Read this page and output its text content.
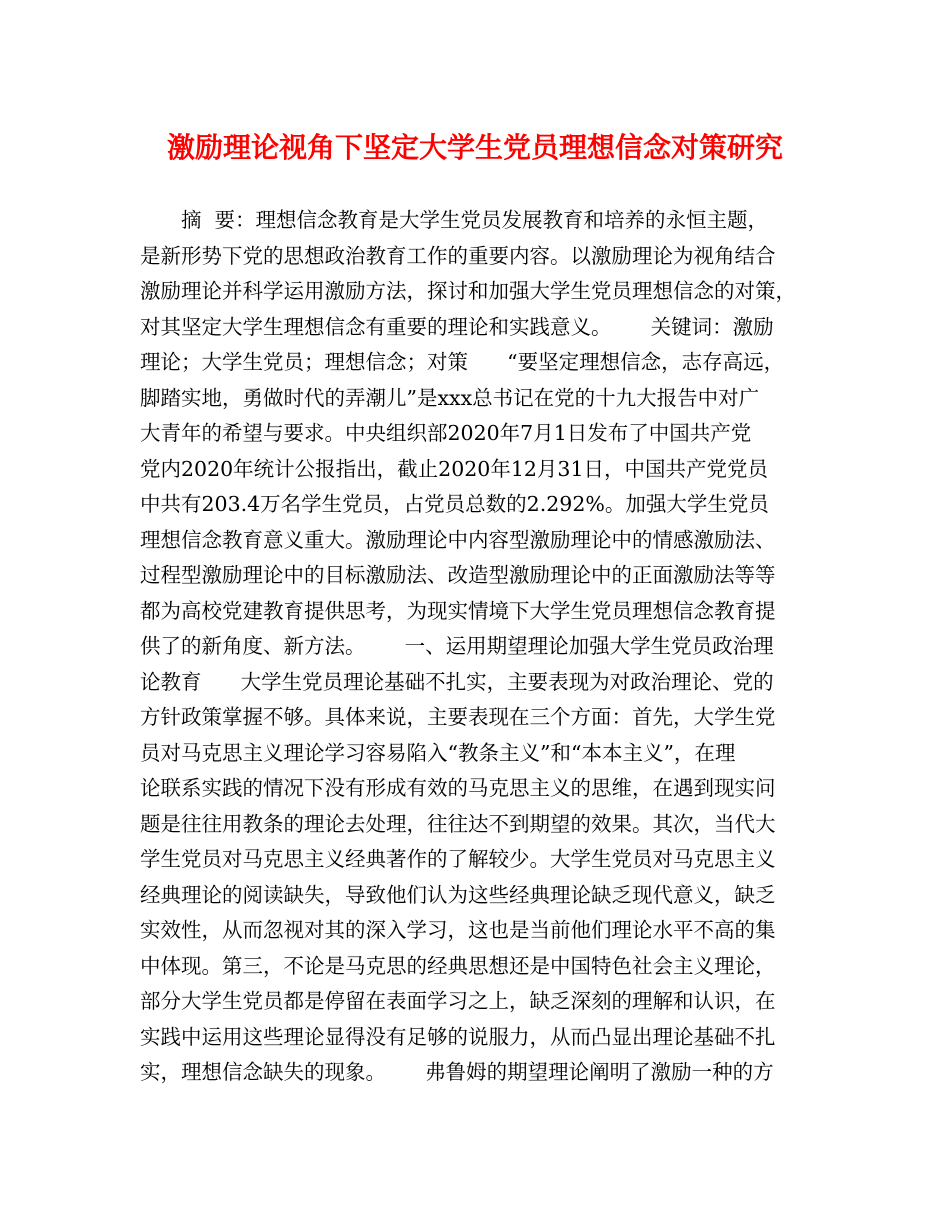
激励理论视角下坚定大学生党员理想信念对策研究
摘  要：理想信念教育是大学生党员发展教育和培养的永恒主题，
是新形势下党的思想政治教育工作的重要内容。以激励理论为视角结合
激励理论并科学运用激励方法，探讨和加强大学生党员理想信念的对策，
对其坚定大学生理想信念有重要的理论和实践意义。      关键词：激励
理论；大学生党员；理想信念；对策      “要坚定理想信念，志存高远，
脚踏实地，勇做时代的弄潮儿”是xxx总书记在党的十九大报告中对广
大青年的希望与要求。中央组织部2020年7月1日发布了中国共产党
党内2020年统计公报指出，截止2020年12月31日，中国共产党党员
中共有203.4万名学生党员，占党员总数的2.292%。加强大学生党员
理想信念教育意义重大。激励理论中内容型激励理论中的情感激励法、
过程型激励理论中的目标激励法、改造型激励理论中的正面激励法等等
都为高校党建教育提供思考，为现实情境下大学生党员理想信念教育提
供了的新角度、新方法。      一、运用期望理论加强大学生党员政治理
论教育      大学生党员理论基础不扎实，主要表现为对政治理论、党的
方针政策掌握不够。具体来说，主要表现在三个方面：首先，大学生党
员对马克思主义理论学习容易陷入“教条主义”和“本本主义”，在理
论联系实践的情况下没有形成有效的马克思主义的思维，在遇到现实问
题是往往用教条的理论去处理，往往达不到期望的效果。其次，当代大
学生党员对马克思主义经典著作的了解较少。大学生党员对马克思主义
经典理论的阅读缺失，导致他们认为这些经典理论缺乏现代意义，缺乏
实效性，从而忽视对其的深入学习，这也是当前他们理论水平不高的集
中体现。第三，不论是马克思的经典思想还是中国特色社会主义理论，
部分大学生党员都是停留在表面学习之上，缺乏深刻的理解和认识，在
实践中运用这些理论显得没有足够的说服力，从而凸显出理论基础不扎
实，理想信念缺失的现象。      弗鲁姆的期望理论阐明了激励一种的方
